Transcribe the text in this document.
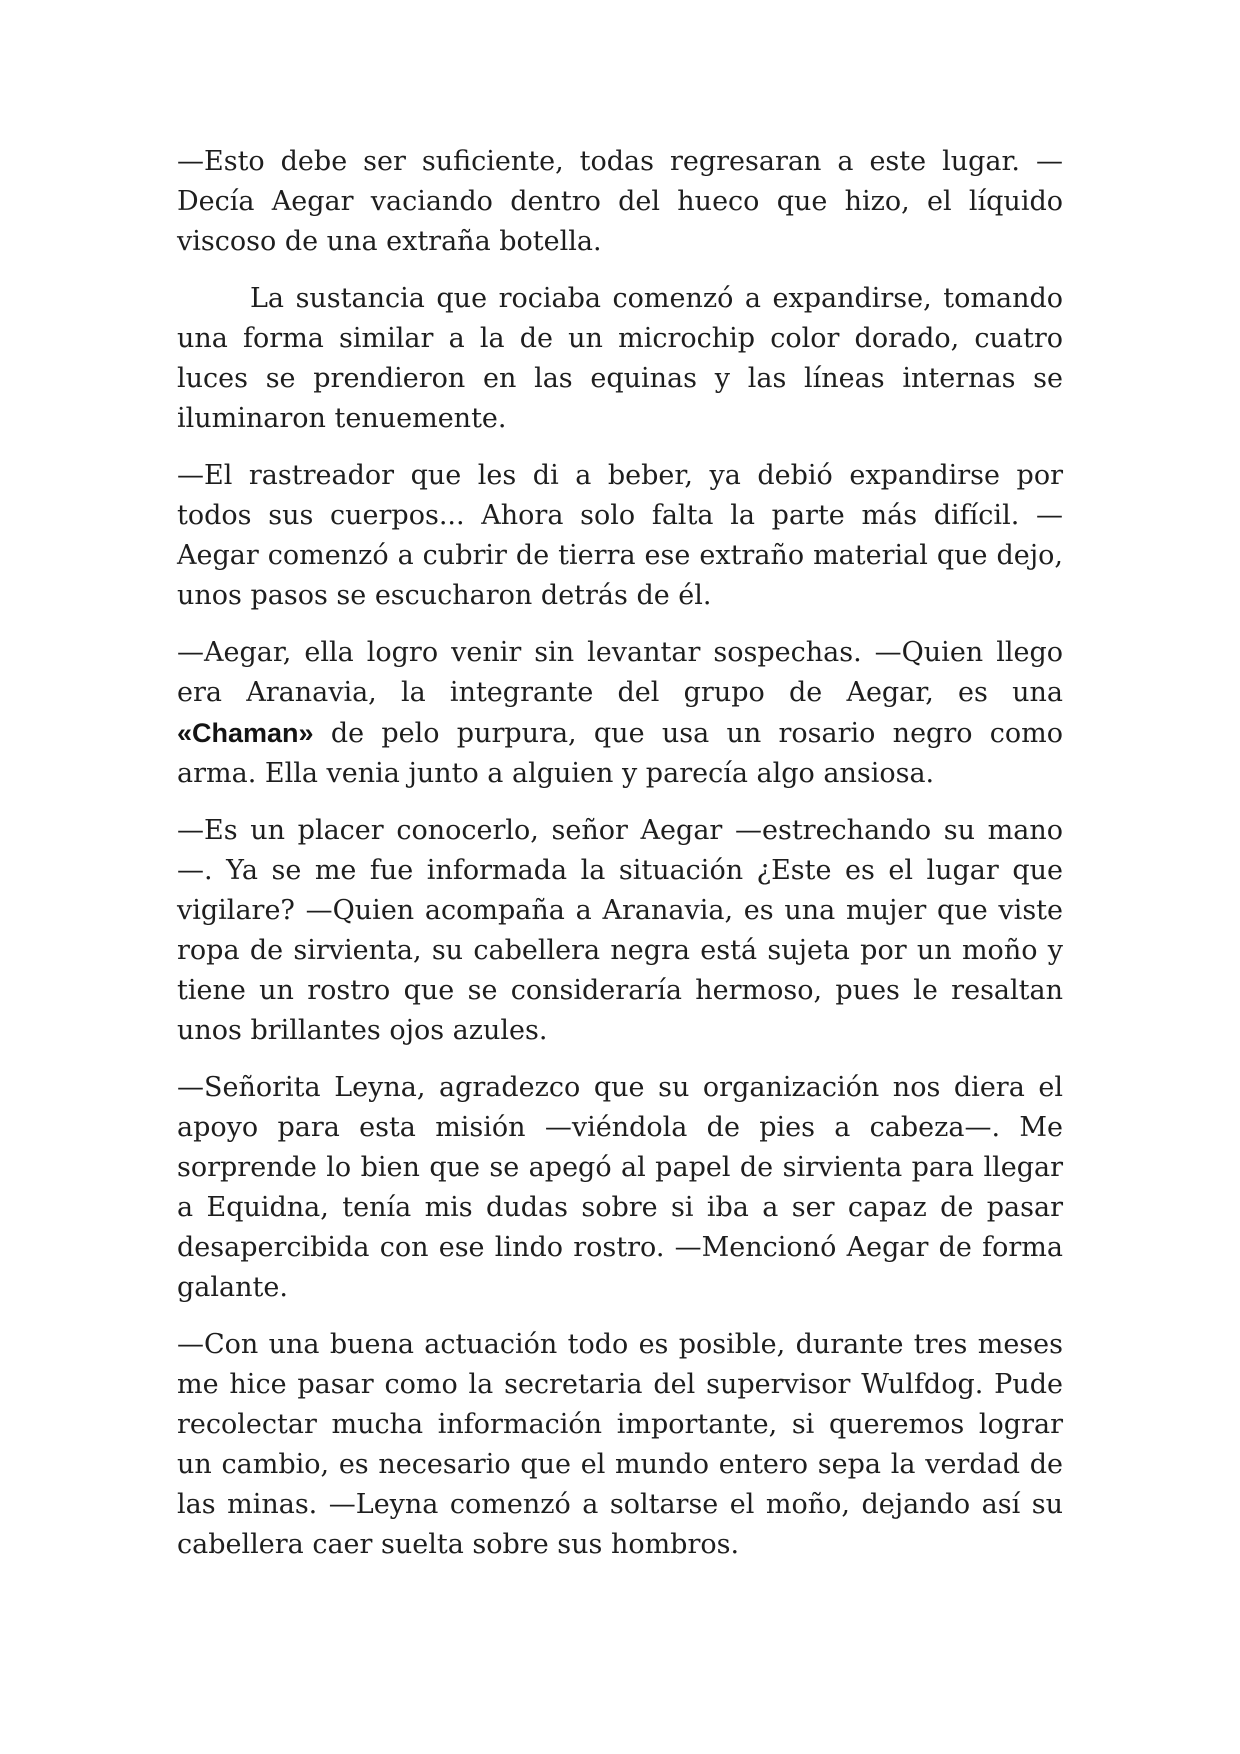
—Esto debe ser suficiente, todas regresaran a este lugar. —Decía Aegar vaciando dentro del hueco que hizo, el líquido viscoso de una extraña botella.

La sustancia que rociaba comenzó a expandirse, tomando una forma similar a la de un microchip color dorado, cuatro luces se prendieron en las equinas y las líneas internas se iluminaron tenuemente.

—El rastreador que les di a beber, ya debió expandirse por todos sus cuerpos... Ahora solo falta la parte más difícil. —Aegar comenzó a cubrir de tierra ese extraño material que dejo, unos pasos se escucharon detrás de él.

—Aegar, ella logro venir sin levantar sospechas. —Quien llego era Aranavia, la integrante del grupo de Aegar, es una «Chaman» de pelo purpura, que usa un rosario negro como arma. Ella venia junto a alguien y parecía algo ansiosa.

—Es un placer conocerlo, señor Aegar —estrechando su mano—. Ya se me fue informada la situación ¿Este es el lugar que vigilare? —Quien acompaña a Aranavia, es una mujer que viste ropa de sirvienta, su cabellera negra está sujeta por un moño y tiene un rostro que se consideraría hermoso, pues le resaltan unos brillantes ojos azules.

—Señorita Leyna, agradezco que su organización nos diera el apoyo para esta misión —viéndola de pies a cabeza—. Me sorprende lo bien que se apegó al papel de sirvienta para llegar a Equidna, tenía mis dudas sobre si iba a ser capaz de pasar desapercibida con ese lindo rostro. —Mencionó Aegar de forma galante.

—Con una buena actuación todo es posible, durante tres meses me hice pasar como la secretaria del supervisor Wulfdog. Pude recolectar mucha información importante, si queremos lograr un cambio, es necesario que el mundo entero sepa la verdad de las minas. —Leyna comenzó a soltarse el moño, dejando así su cabellera caer suelta sobre sus hombros.
